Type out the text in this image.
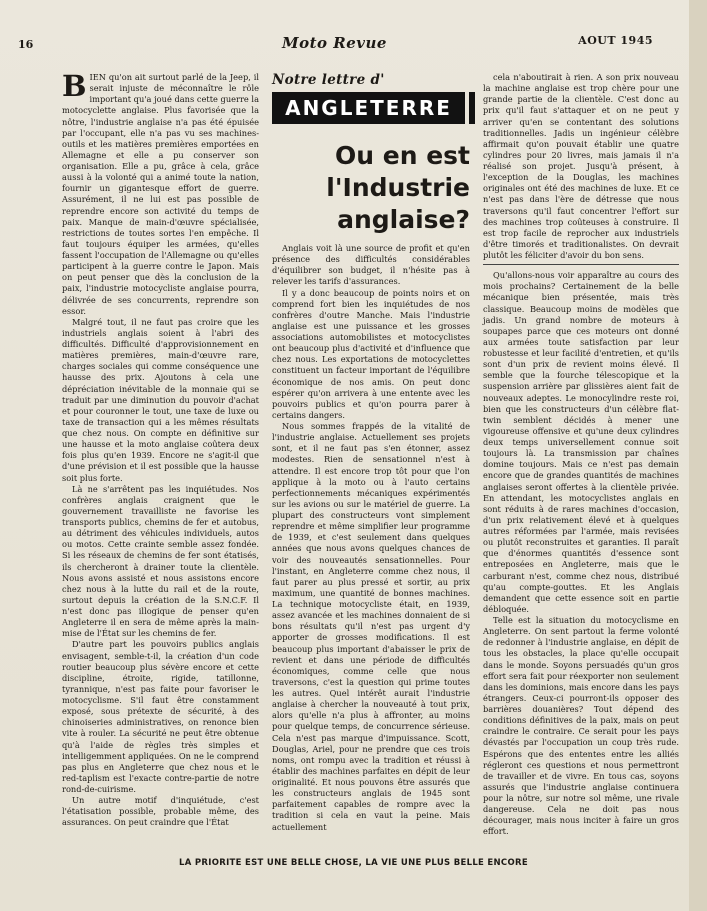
16	Moto Revue	AOUT 1945

BIEN qu'on ait surtout parlé de la Jeep, il serait injuste de méconnaître le rôle important qu'a joué dans cette guerre la motocyclette anglaise. Plus favorisée que la nôtre, l'industrie anglaise n'a pas été épuisée par l'occupant, elle n'a pas vu ses machines-outils et les matières premières emportées en Allemagne et elle a pu conserver son organisation. Elle a pu, grâce à cela, grâce aussi à la volonté qui a animé toute la nation, fournir un gigantesque effort de guerre. Assurément, il ne lui est pas possible de reprendre encore son activité du temps de paix. Manque de main-d'œuvre spécialisée, restrictions de toutes sortes l'en empêche. Il faut toujours équiper les armées, qu'elles fassent l'occupation de l'Allemagne ou qu'elles participent à la guerre contre le Japon. Mais on peut penser que dès la conclusion de la paix, l'industrie motocycliste anglaise pourra, délivrée de ses concurrents, reprendre son essor.

Malgré tout, il ne faut pas croire que les industriels anglais soient à l'abri des difficultés. Difficulté d'approvisionnement en matières premières, main-d'œuvre rare, charges sociales qui comme conséquence une hausse des prix. Ajoutons à cela une dépréciation inévitable de la monnaie qui se traduit par une diminution du pouvoir d'achat et pour couronner le tout, une taxe de luxe ou taxe de transaction qui a les mêmes résultats que chez nous. On compte en définitive sur une hausse et la moto anglaise coûtera deux fois plus qu'en 1939. Encore ne s'agit-il que d'une prévision et il est possible que la hausse soit plus forte.

Là ne s'arrêtent pas les inquiétudes. Nos confrères anglais craignent que le gouvernement travailliste ne favorise les transports publics, chemins de fer et autobus, au détriment des véhicules individuels, autos ou motos. Cette crainte semble assez fondée. Si les réseaux de chemins de fer sont étatisés, ils chercheront à drainer toute la clientèle. Nous avons assisté et nous assistons encore chez nous à la lutte du rail et de la route, surtout depuis la création de la S.N.C.F. Il n'est donc pas illogique de penser qu'en Angleterre il en sera de même après la main-mise de l'État sur les chemins de fer.

D'autre part les pouvoirs publics anglais envisagent, semble-t-il, la création d'un code routier beaucoup plus sévère encore et cette discipline, étroite, rigide, tatillonne, tyrannique, n'est pas faite pour favoriser le motocyclisme. S'il faut être constamment exposé, sous prétexte de sécurité, à des chinoiseries administratives, on renonce bien vite à rouler. La sécurité ne peut être obtenue qu'à l'aide de règles très simples et intelligemment appliquées. On ne le comprend pas plus en Angleterre que chez nous et le red-taplism est l'exacte contre-partie de notre rond-de-cuirisme.

Un autre motif d'inquiétude, c'est l'étatisation possible, probable même, des assurances. On peut craindre que l'État

Notre lettre d'
ANGLETERRE
Ou en est l'Industrie anglaise?

Anglais voit là une source de profit et qu'en présence des difficultés considérables d'équilibrer son budget, il n'hésite pas à relever les tarifs d'assurances.

Il y a donc beaucoup de points noirs et on comprend fort bien les inquiétudes de nos confrères d'outre Manche. Mais l'industrie anglaise est une puissance et les grosses associations automobilistes et motocyclistes ont beaucoup plus d'activité et d'influence que chez nous. Les exportations de motocyclettes constituent un facteur important de l'équilibre économique de nos amis. On peut donc espérer qu'on arrivera à une entente avec les pouvoirs publics et qu'on pourra parer à certains dangers.

Nous sommes frappés de la vitalité de l'industrie anglaise. Actuellement ses projets sont, et il ne faut pas s'en étonner, assez modestes. Rien de sensationnel n'est à attendre. Il est encore trop tôt pour que l'on applique à la moto ou à l'auto certains perfectionnements mécaniques expérimentés sur les avions ou sur le matériel de guerre. La plupart des constructeurs vont simplement reprendre et même simplifier leur programme de 1939, et c'est seulement dans quelques années que nous avons quelques chances de voir des nouveautés sensationnelles. Pour l'instant, en Angleterre comme chez nous, il faut parer au plus pressé et sortir, au prix maximum, une quantité de bonnes machines. La technique motocycliste était, en 1939, assez avancée et les machines donnaient de si bons résultats qu'il n'est pas urgent d'y apporter de grosses modifications. Il est beaucoup plus important d'abaisser le prix de revient et dans une période de difficultés économiques, comme celle que nous traversons, c'est la question qui prime toutes les autres. Quel intérêt aurait l'industrie anglaise à chercher la nouveauté à tout prix, alors qu'elle n'a plus à affronter, au moins pour quelque temps, de concurrence sérieuse. Cela n'est pas marque d'impuissance. Scott, Douglas, Ariel, pour ne prendre que ces trois noms, ont rompu avec la tradition et réussi à établir des machines parfaites en dépit de leur originalité. Et nous pouvons être assurés que les constructeurs anglais de 1945 sont parfaitement capables de rompre avec la tradition si cela en vaut la peine. Mais actuellement

cela n'aboutirait à rien. A son prix nouveau la machine anglaise est trop chère pour une grande partie de la clientèle. C'est donc au prix qu'il faut s'attaquer et on ne peut y arriver qu'en se contentant des solutions traditionnelles. Jadis un ingénieur célèbre affirmait qu'on pouvait établir une quatre cylindres pour 20 livres, mais jamais il n'a réalisé son projet. Jusqu'à présent, à l'exception de la Douglas, les machines originales ont été des machines de luxe. Et ce n'est pas dans l'ère de détresse que nous traversons qu'il faut concentrer l'effort sur des machines trop coûteuses à construire. Il est trop facile de reprocher aux industriels d'être timorés et traditionalistes. On devrait plutôt les féliciter d'avoir du bon sens.

Qu'allons-nous voir apparaître au cours des mois prochains? Certainement de la belle mécanique bien présentée, mais très classique. Beaucoup moins de modèles que jadis. Un grand nombre de moteurs à soupapes parce que ces moteurs ont donné aux armées toute satisfaction par leur robustesse et leur facilité d'entretien, et qu'ils sont d'un prix de revient moins élevé. Il semble que la fourche télescopique et la suspension arrière par glissières aient fait de nouveaux adeptes. Le monocylindre reste roi, bien que les constructeurs d'un célèbre flat-twin semblent décidés à mener une vigoureuse offensive et qu'une deux cylindres deux temps universellement connue soit toujours là. La transmission par chaînes domine toujours. Mais ce n'est pas demain encore que de grandes quantités de machines anglaises seront offertes à la clientèle privée. En attendant, les motocyclistes anglais en sont réduits à de rares machines d'occasion, d'un prix relativement élevé et à quelques autres réformées par l'armée, mais revisées ou plutôt reconstruites et garanties. Il paraît que d'énormes quantités d'essence sont entreposées en Angleterre, mais que le carburant n'est, comme chez nous, distribué qu'au compte-gouttes. Et les Anglais demandent que cette essence soit en partie débloquée.

Telle est la situation du motocyclisme en Angleterre. On sent partout la ferme volonté de redonner à l'industrie anglaise, en dépit de tous les obstacles, la place qu'elle occupait dans le monde. Soyons persuadés qu'un gros effort sera fait pour réexporter non seulement dans les dominions, mais encore dans les pays étrangers. Ceux-ci pourront-ils opposer des barrières douanières? Tout dépend des conditions définitives de la paix, mais on peut craindre le contraire. Ce serait pour les pays dévastés par l'occupation un coup très rude. Espérons que des ententes entre les alliés régleront ces questions et nous permettront de travailler et de vivre. En tous cas, soyons assurés que l'industrie anglaise continuera pour la nôtre, sur notre sol même, une rivale dangereuse. Cela ne doit pas nous décourager, mais nous inciter à faire un gros effort.

LA PRIORITE EST UNE BELLE CHOSE, LA VIE UNE PLUS BELLE ENCORE
